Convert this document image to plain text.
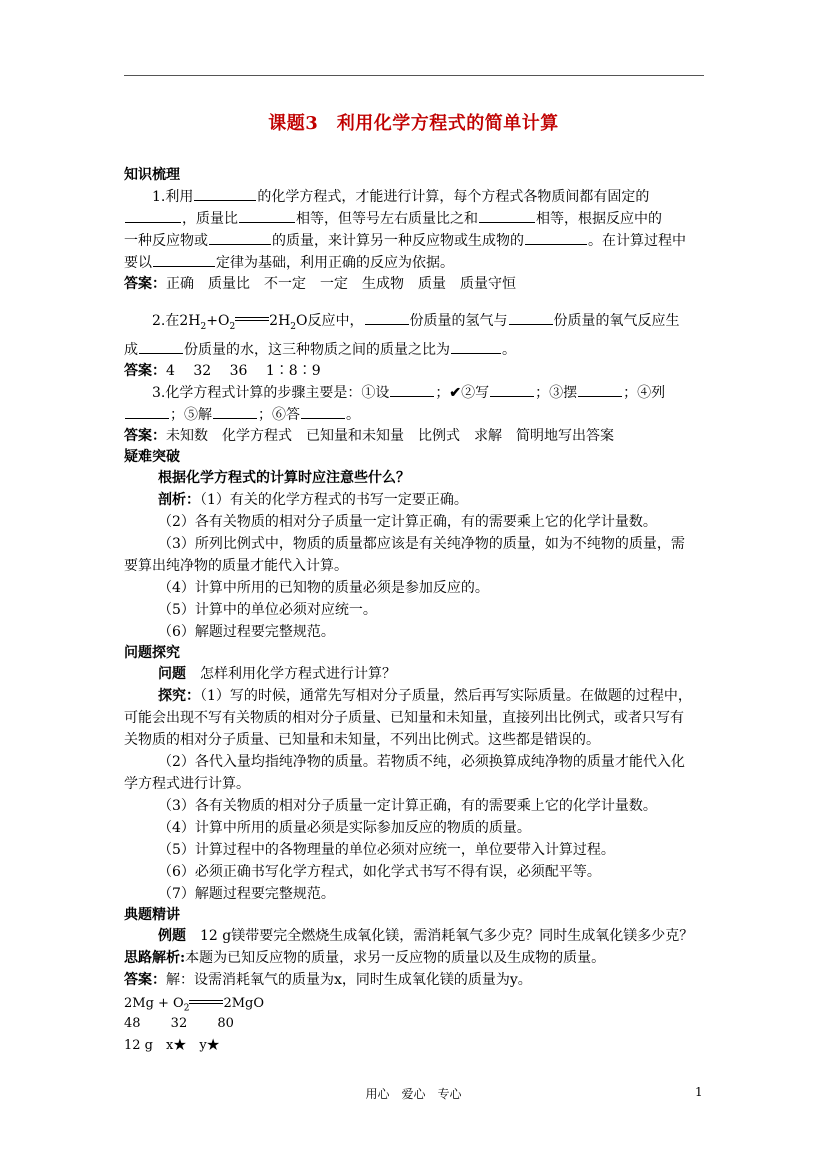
课题3　利用化学方程式的简单计算
知识梳理
1.利用	的化学方程式，才能进行计算，每个方程式各物质间都有固定的
，质量比	相等，但等号左右质量比之和	相等，根据反应中的
一种反应物或	的质量，来计算另一种反应物或生成物的	。在计算过程中
要以	定律为基础，利用正确的反应为依据。
答案：正确　质量比　不一定　一定　生成物　质量　质量守恒
2.在$2H_2+O_2$ $2H_2O$反应中，	份质量的氢气与	份质量的氧气反应生
成	份质量的水，这三种物质之间的质量之比为	。
答案：4　 32　 36　 1∶8∶9
3.化学方程式计算的步骤主要是：①设	；✔②写	；③摆	；④列
；⑤解	；⑥答	。
答案：未知数　化学方程式　已知量和未知量　比例式　求解　简明地写出答案
疑难突破
根据化学方程式的计算时应注意些什么？
剖析：（1）有关的化学方程式的书写一定要正确。
（2）各有关物质的相对分子质量一定计算正确，有的需要乘上它的化学计量数。
（3）所列比例式中，物质的质量都应该是有关纯净物的质量，如为不纯物的质量，需
要算出纯净物的质量才能代入计算。
（4）计算中所用的已知物的质量必须是参加反应的。
（5）计算中的单位必须对应统一。
（6）解题过程要完整规范。
问题探究
问题　怎样利用化学方程式进行计算？
探究：（1）写的时候，通常先写相对分子质量，然后再写实际质量。在做题的过程中，
可能会出现不写有关物质的相对分子质量、已知量和未知量，直接列出比例式，或者只写有
关物质的相对分子质量、已知量和未知量，不列出比例式。这些都是错误的。
（2）各代入量均指纯净物的质量。若物质不纯，必须换算成纯净物的质量才能代入化
学方程式进行计算。
（3）各有关物质的相对分子质量一定计算正确，有的需要乘上它的化学计量数。
（4）计算中所用的质量必须是实际参加反应的物质的质量。
（5）计算过程中的各物理量的单位必须对应统一，单位要带入计算过程。
（6）必须正确书写化学方程式，如化学式书写不得有误，必须配平等。
（7）解题过程要完整规范。
典题精讲
例题　12 g镁带要完全燃烧生成氧化镁，需消耗氧气多少克？同时生成氧化镁多少克？
思路解析:本题为已知反应物的质量，求另一反应物的质量以及生成物的质量。
答案：解：设需消耗氧气的质量为x，同时生成氧化镁的质量为y。
$2Mg + O_2$	2MgO
48　　 32　　 80
12 g　x★　y★
用心　爱心　专心	1
